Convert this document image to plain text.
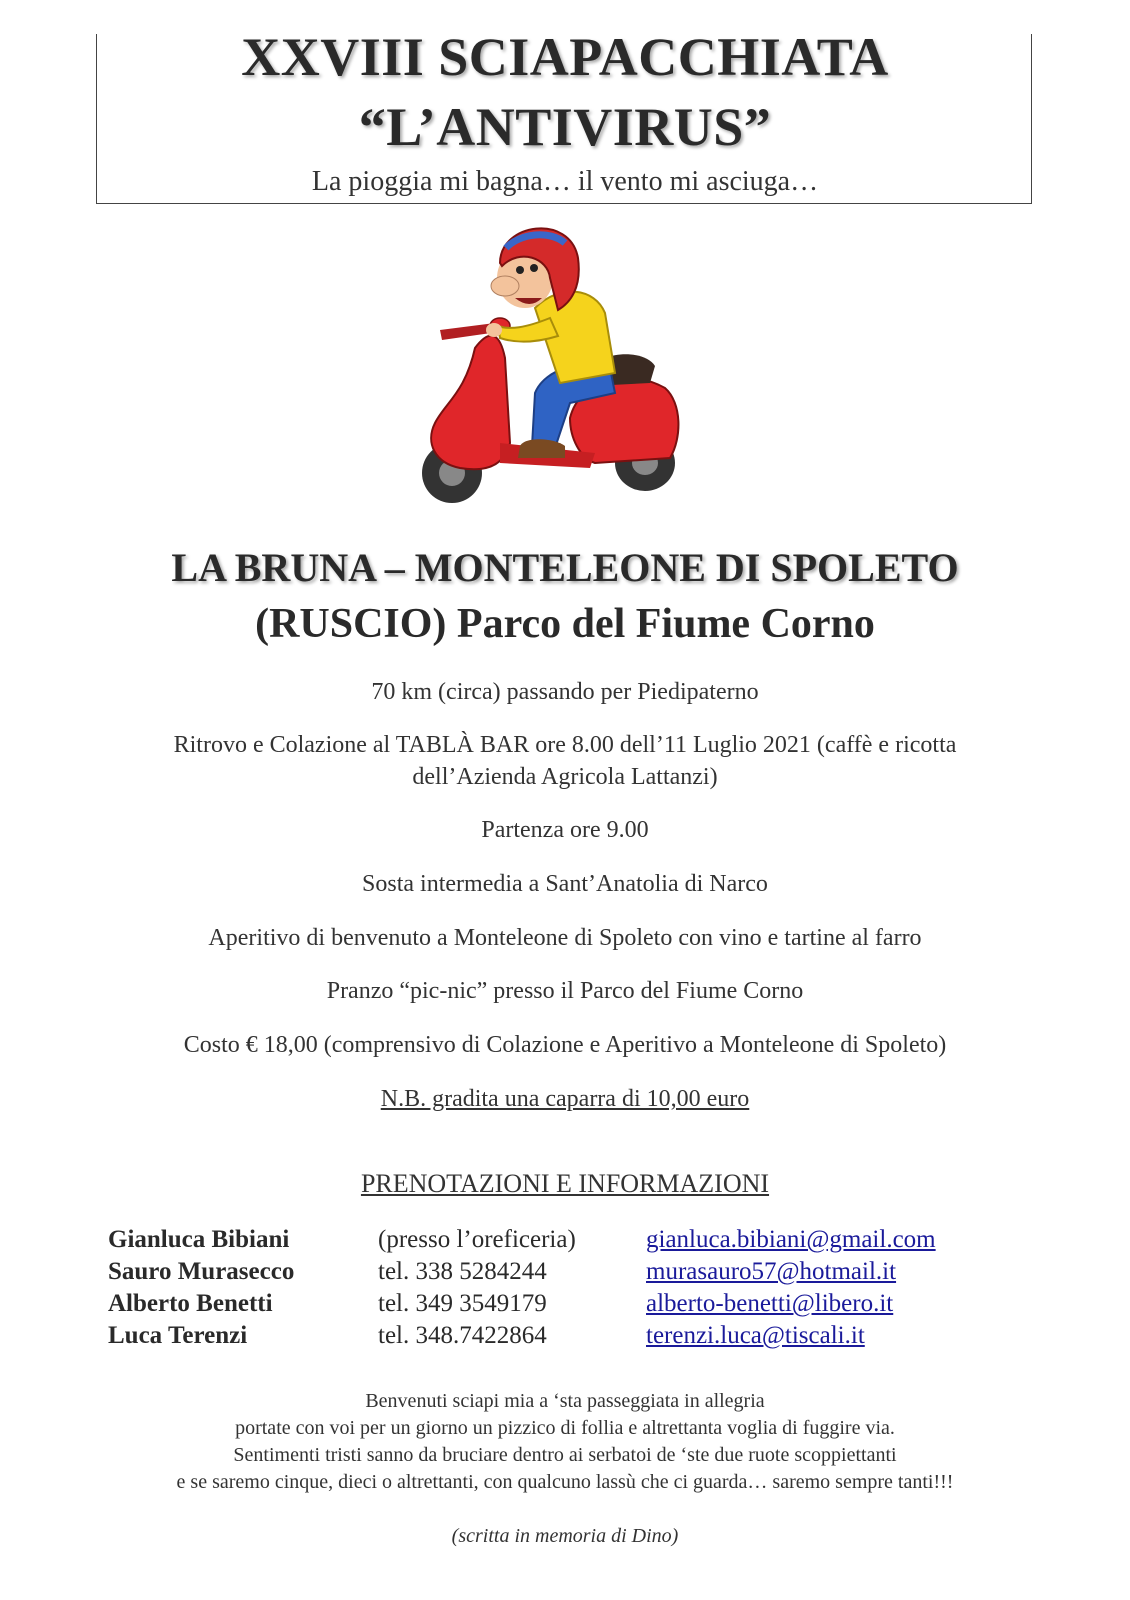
XXVIII SCIAPACCHIATA
“L’ANTIVIRUS”
La pioggia mi bagna… il vento mi asciuga…
LA BRUNA – MONTELEONE DI SPOLETO
(RUSCIO) Parco del Fiume Corno
70 km (circa) passando per Piedipaterno
Ritrovo e Colazione al TABLÀ BAR ore 8.00 dell’11 Luglio 2021 (caffè e ricotta
dell’Azienda Agricola Lattanzi)
Partenza ore 9.00
Sosta intermedia a Sant’Anatolia di Narco
Aperitivo di benvenuto a Monteleone di Spoleto con vino e tartine al farro
Pranzo “pic-nic” presso il Parco del Fiume Corno
Costo € 18,00 (comprensivo di Colazione e Aperitivo a Monteleone di Spoleto)
N.B. gradita una caparra di 10,00 euro
PRENOTAZIONI E INFORMAZIONI
Gianluca Bibiani	(presso l’oreficeria)	gianluca.bibiani@gmail.com
Sauro Murasecco	tel. 338 5284244	murasauro57@hotmail.it
Alberto Benetti	tel. 349 3549179	alberto-benetti@libero.it
Luca Terenzi	tel. 348.7422864	terenzi.luca@tiscali.it
Benvenuti sciapi mia a ‘sta passeggiata in allegria
portate con voi per un giorno un pizzico di follia e altrettanta voglia di fuggire via.
Sentimenti tristi sanno da bruciare dentro ai serbatoi de ‘ste due ruote scoppiettanti
e se saremo cinque, dieci o altrettanti, con qualcuno lassù che ci guarda… saremo sempre tanti!!!
(scritta in memoria di Dino)
